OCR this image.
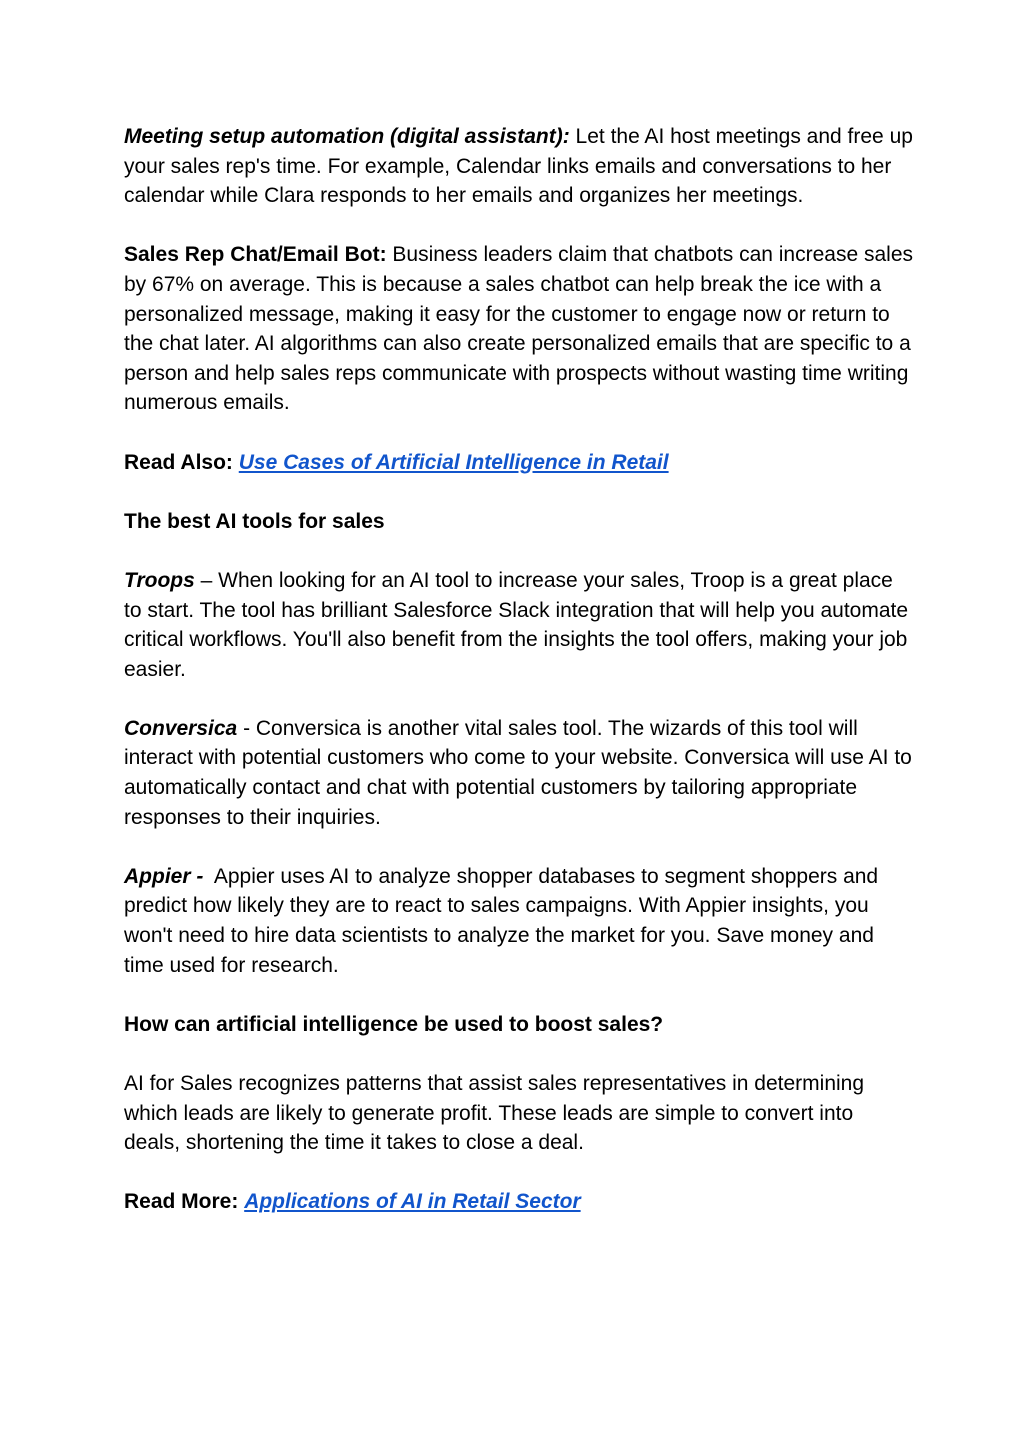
Meeting setup automation (digital assistant): Let the AI host meetings and free up your sales rep's time. For example, Calendar links emails and conversations to her calendar while Clara responds to her emails and organizes her meetings.

Sales Rep Chat/Email Bot: Business leaders claim that chatbots can increase sales by 67% on average. This is because a sales chatbot can help break the ice with a personalized message, making it easy for the customer to engage now or return to the chat later. AI algorithms can also create personalized emails that are specific to a person and help sales reps communicate with prospects without wasting time writing numerous emails.

Read Also: Use Cases of Artificial Intelligence in Retail

The best AI tools for sales

Troops – When looking for an AI tool to increase your sales, Troop is a great place to start. The tool has brilliant Salesforce Slack integration that will help you automate critical workflows. You'll also benefit from the insights the tool offers, making your job easier.

Conversica - Conversica is another vital sales tool. The wizards of this tool will interact with potential customers who come to your website. Conversica will use AI to automatically contact and chat with potential customers by tailoring appropriate responses to their inquiries.

Appier -  Appier uses AI to analyze shopper databases to segment shoppers and predict how likely they are to react to sales campaigns. With Appier insights, you won't need to hire data scientists to analyze the market for you. Save money and time used for research.

How can artificial intelligence be used to boost sales?

AI for Sales recognizes patterns that assist sales representatives in determining which leads are likely to generate profit. These leads are simple to convert into deals, shortening the time it takes to close a deal.

Read More: Applications of AI in Retail Sector
